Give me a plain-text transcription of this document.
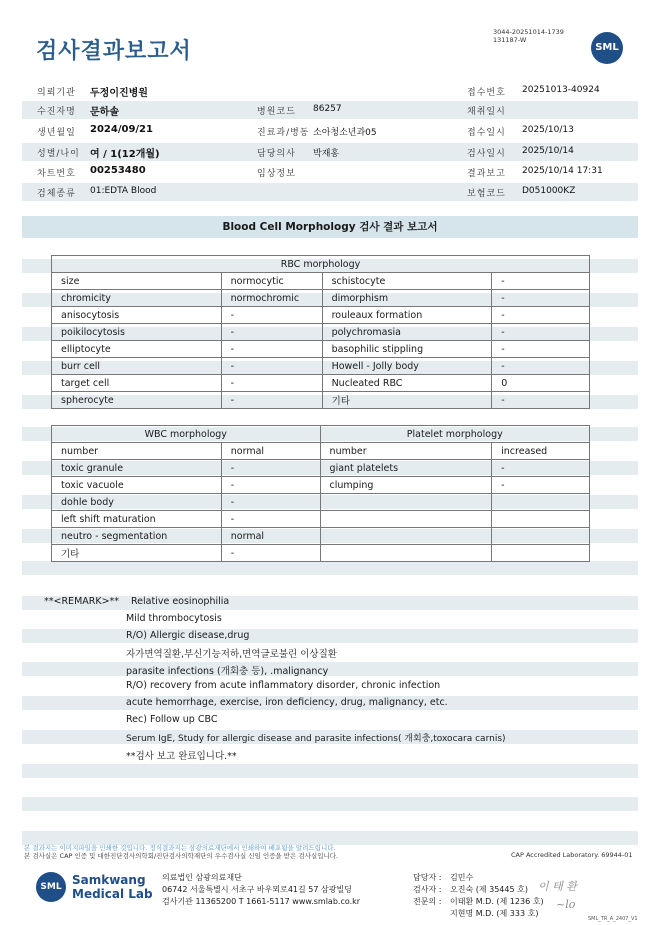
검사결과보고서
3044-20251014-1739
131187-W
SML
의뢰기관 두정이진병원	접수번호 20251013-40924
수진자명 문하솔	병원코드 86257	채취일시
생년월일 2024/09/21	진료과/병동 소아청소년과05	접수일시 2025/10/13
성별/나이 여 / 1(12개월)	담당의사 박재홍	검사일시 2025/10/14
차트번호 00253480	임상정보	결과보고 2025/10/14 17:31
검체종류 01:EDTA Blood	보험코드 D051000KZ
Blood Cell Morphology 검사 결과 보고서
RBC morphology			
size	normocytic	schistocyte	-
chromicity	normochromic	dimorphism	-
anisocytosis	-	rouleaux formation	-
poikilocytosis	-	polychromasia	-
elliptocyte	-	basophilic stippling	-
burr cell	-	Howell - Jolly body	-
target cell	-	Nucleated RBC	0
spherocyte	-	기타	-
WBC morphology		Platelet morphology	
number	normal	number	increased
toxic granule	-	giant platelets	-
toxic vacuole	-	clumping	-
dohle body	-		
left shift maturation	-		
neutro - segmentation	normal		
기타	-		
**<REMARK>** Relative eosinophilia
Mild thrombocytosis
R/O) Allergic disease,drug
자가면역질환,부신기능저하,면역글로불린 이상질환
parasite infections (개회충 등), .malignancy
R/O) recovery from acute inflammatory disorder, chronic infection
acute hemorrhage, exercise, iron deficiency, drug, malignancy, etc.
Rec) Follow up CBC
Serum IgE, Study for allergic disease and parasite infections( 개회충,toxocara carnis)
**검사 보고 완료입니다.**
본 결과지는 이미지파일을 인쇄한 것입니다. 정식결과지는 삼광의료재단에서 인쇄하여 배포됨을 알려드립니다.
본 검사실은 CAP 인증 및 대한진단검사의학회/진단검사의학재단의 우수검사실 신임 인증을 받은 검사실입니다.	CAP Accredited Laboratory. 69944-01
SML Samkwang
Medical Lab
의료법인 삼광의료재단
06742 서울특별시 서초구 바우뫼로41길 57 삼광빌딩
검사기관 11365200 T 1661-5117 www.smlab.co.kr
담당자 : 김민수
검사자 : 오진숙 (제 35445 호)
전문의 : 이태환 M.D. (제 1236 호)
지현명 M.D. (제 333 호)
이 태 환
~lo
SML_TR_A_2407_V1
